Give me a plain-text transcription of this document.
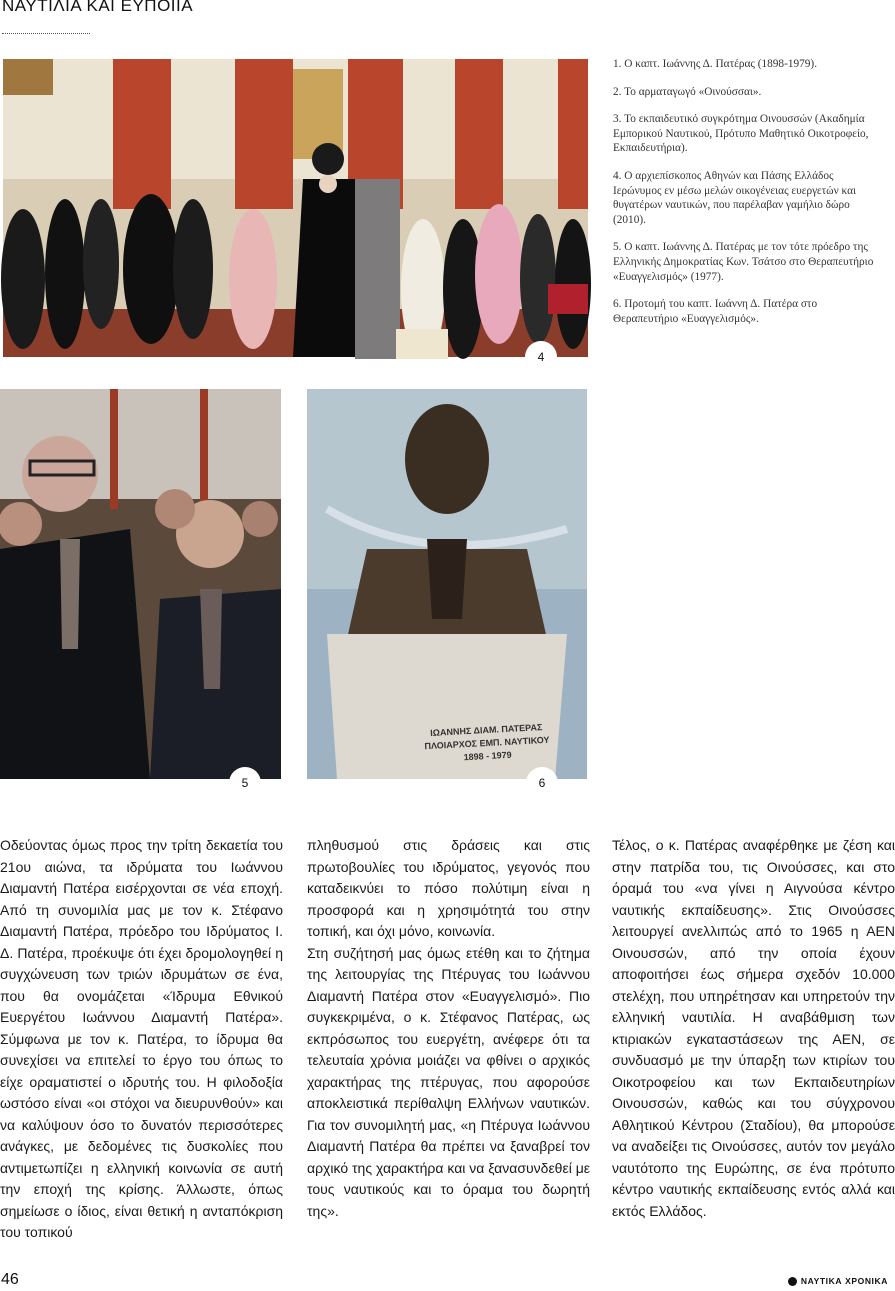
ΝΑΥΤΙΛΙΑ ΚΑΙ ΕΥΠΟΙΙΑ
4

1. Ο καπτ. Ιωάννης Δ. Πατέρας (1898-1979).

2. Το αρματαγωγό «Οινούσσαι».

3. Το εκπαιδευτικό συγκρότημα Οινουσσών (Ακαδημία Εμπορικού Ναυτικού, Πρότυπο Μαθητικό Οικοτροφείο, Εκπαιδευτήρια).

4. Ο αρχιεπίσκοπος Αθηνών και Πάσης Ελλάδος Ιερώνυμος εν μέσω μελών οικογένειας ευεργετών και θυγατέρων ναυτικών, που παρέλαβαν γαμήλιο δώρο (2010).

5. Ο καπτ. Ιωάννης Δ. Πατέρας με τον τότε πρόεδρο της Ελληνικής Δημοκρατίας Κων. Τσάτσο στο Θεραπευτήριο «Ευαγγελισμός» (1977).

6. Προτομή του καπτ. Ιωάννη Δ. Πατέρα στο Θεραπευτήριο «Ευαγγελισμός».

5
ΙΩΑΝΝΗΣ ΔΙΑΜ. ΠΑΤΕΡΑΣ
ΠΛΟΙΑΡΧΟΣ ΕΜΠ. ΝΑΥΤΙΚΟΥ
1898 - 1979
6

Οδεύοντας όμως προς την τρίτη δεκαετία του 21ου αιώνα, τα ιδρύματα του Ιωάννου Διαμαντή Πατέρα εισέρχονται σε νέα εποχή. Από τη συνομιλία μας με τον κ. Στέφανο Διαμαντή Πατέρα, πρόεδρο του Ιδρύματος Ι. Δ. Πατέρα, προέκυψε ότι έχει δρομολογηθεί η συγχώνευση των τριών ιδρυμάτων σε ένα, που θα ονομάζεται «Ίδρυμα Εθνικού Ευεργέτου Ιωάννου Διαμαντή Πατέρα». Σύμφωνα με τον κ. Πατέρα, το ίδρυμα θα συνεχίσει να επιτελεί το έργο του όπως το είχε οραματιστεί ο ιδρυτής του. Η φιλοδοξία ωστόσο είναι «οι στόχοι να διευρυνθούν» και να καλύψουν όσο το δυνατόν περισσότερες ανάγκες, με δεδομένες τις δυσκολίες που αντιμετωπίζει η ελληνική κοινωνία σε αυτή την εποχή της κρίσης. Άλλωστε, όπως σημείωσε ο ίδιος, είναι θετική η ανταπόκριση του τοπικού

πληθυσμού στις δράσεις και στις πρωτοβουλίες του ιδρύματος, γεγονός που καταδεικνύει το πόσο πολύτιμη είναι η προσφορά και η χρησιμότητά του στην τοπική, και όχι μόνο, κοινωνία.

Στη συζήτησή μας όμως ετέθη και το ζήτημα της λειτουργίας της Πτέρυγας του Ιωάννου Διαμαντή Πατέρα στον «Ευαγγελισμό». Πιο συγκεκριμένα, ο κ. Στέφανος Πατέρας, ως εκπρόσωπος του ευεργέτη, ανέφερε ότι τα τελευταία χρόνια μοιάζει να φθίνει ο αρχικός χαρακτήρας της πτέρυγας, που αφορούσε αποκλειστικά περίθαλψη Ελλήνων ναυτικών. Για τον συνομιλητή μας, «η Πτέρυγα Ιωάννου Διαμαντή Πατέρα θα πρέπει να ξαναβρεί τον αρχικό της χαρακτήρα και να ξανασυνδεθεί με τους ναυτικούς και το όραμα του δωρητή της».

Τέλος, ο κ. Πατέρας αναφέρθηκε με ζέση και στην πατρίδα του, τις Οινούσσες, και στο όραμά του «να γίνει η Αιγνούσα κέντρο ναυτικής εκπαίδευσης». Στις Οινούσσες λειτουργεί ανελλιπώς από το 1965 η ΑΕΝ Οινουσσών, από την οποία έχουν αποφοιτήσει έως σήμερα σχεδόν 10.000 στελέχη, που υπηρέτησαν και υπηρετούν την ελληνική ναυτιλία. Η αναβάθμιση των κτιριακών εγκαταστάσεων της ΑΕΝ, σε συνδυασμό με την ύπαρξη των κτιρίων του Οικοτροφείου και των Εκπαιδευτηρίων Οινουσσών, καθώς και του σύγχρονου Αθλητικού Κέντρου (Σταδίου), θα μπορούσε να αναδείξει τις Οινούσσες, αυτόν τον μεγάλο ναυτότοπο της Ευρώπης, σε ένα πρότυπο κέντρο ναυτικής εκπαίδευσης εντός αλλά και εκτός Ελλάδος.

46	ΝΑΥΤΙΚΑ ΧΡΟΝΙΚΑ
